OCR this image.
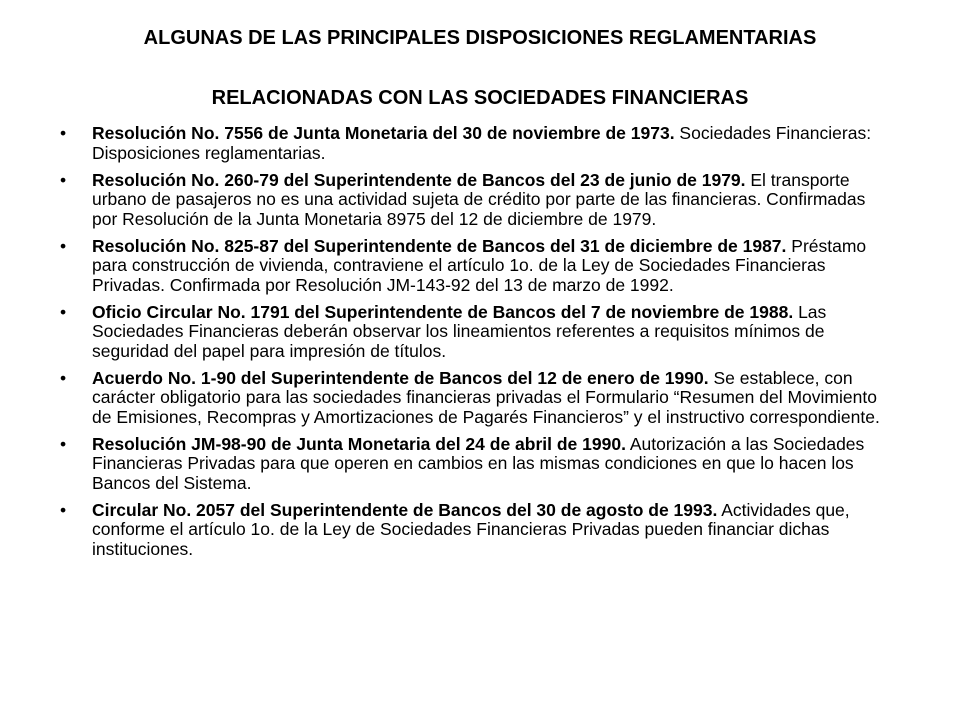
ALGUNAS DE LAS PRINCIPALES DISPOSICIONES REGLAMENTARIAS
RELACIONADAS CON LAS SOCIEDADES FINANCIERAS
•	Resolución No. 7556 de Junta Monetaria del 30 de noviembre de 1973. Sociedades Financieras: Disposiciones reglamentarias.
•	Resolución No. 260-79 del Superintendente de Bancos del 23 de junio de 1979. El transporte urbano de pasajeros no es una actividad sujeta de crédito por parte de las financieras. Confirmadas por Resolución de la Junta Monetaria 8975 del 12 de diciembre de 1979.
•	Resolución No. 825-87 del Superintendente de Bancos del 31 de diciembre de 1987. Préstamo para construcción de vivienda, contraviene el artículo 1o. de la Ley de Sociedades Financieras Privadas. Confirmada por Resolución JM-143-92 del 13 de marzo de 1992.
•	Oficio Circular No. 1791 del Superintendente de Bancos del 7 de noviembre de 1988. Las Sociedades Financieras deberán observar los lineamientos referentes a requisitos mínimos de seguridad del papel para impresión de títulos.
•	Acuerdo No. 1-90 del Superintendente de Bancos del 12 de enero de 1990. Se establece, con carácter obligatorio para las sociedades financieras privadas el Formulario “Resumen del Movimiento de Emisiones, Recompras y Amortizaciones de Pagarés Financieros” y el instructivo correspondiente.
•	Resolución JM-98-90 de Junta Monetaria del 24 de abril de 1990. Autorización a las Sociedades Financieras Privadas para que operen en cambios en las mismas condiciones en que lo hacen los Bancos del Sistema.
•	Circular No. 2057 del Superintendente de Bancos del 30 de agosto de 1993. Actividades que, conforme el artículo 1o. de la Ley de Sociedades Financieras Privadas pueden financiar dichas instituciones.
